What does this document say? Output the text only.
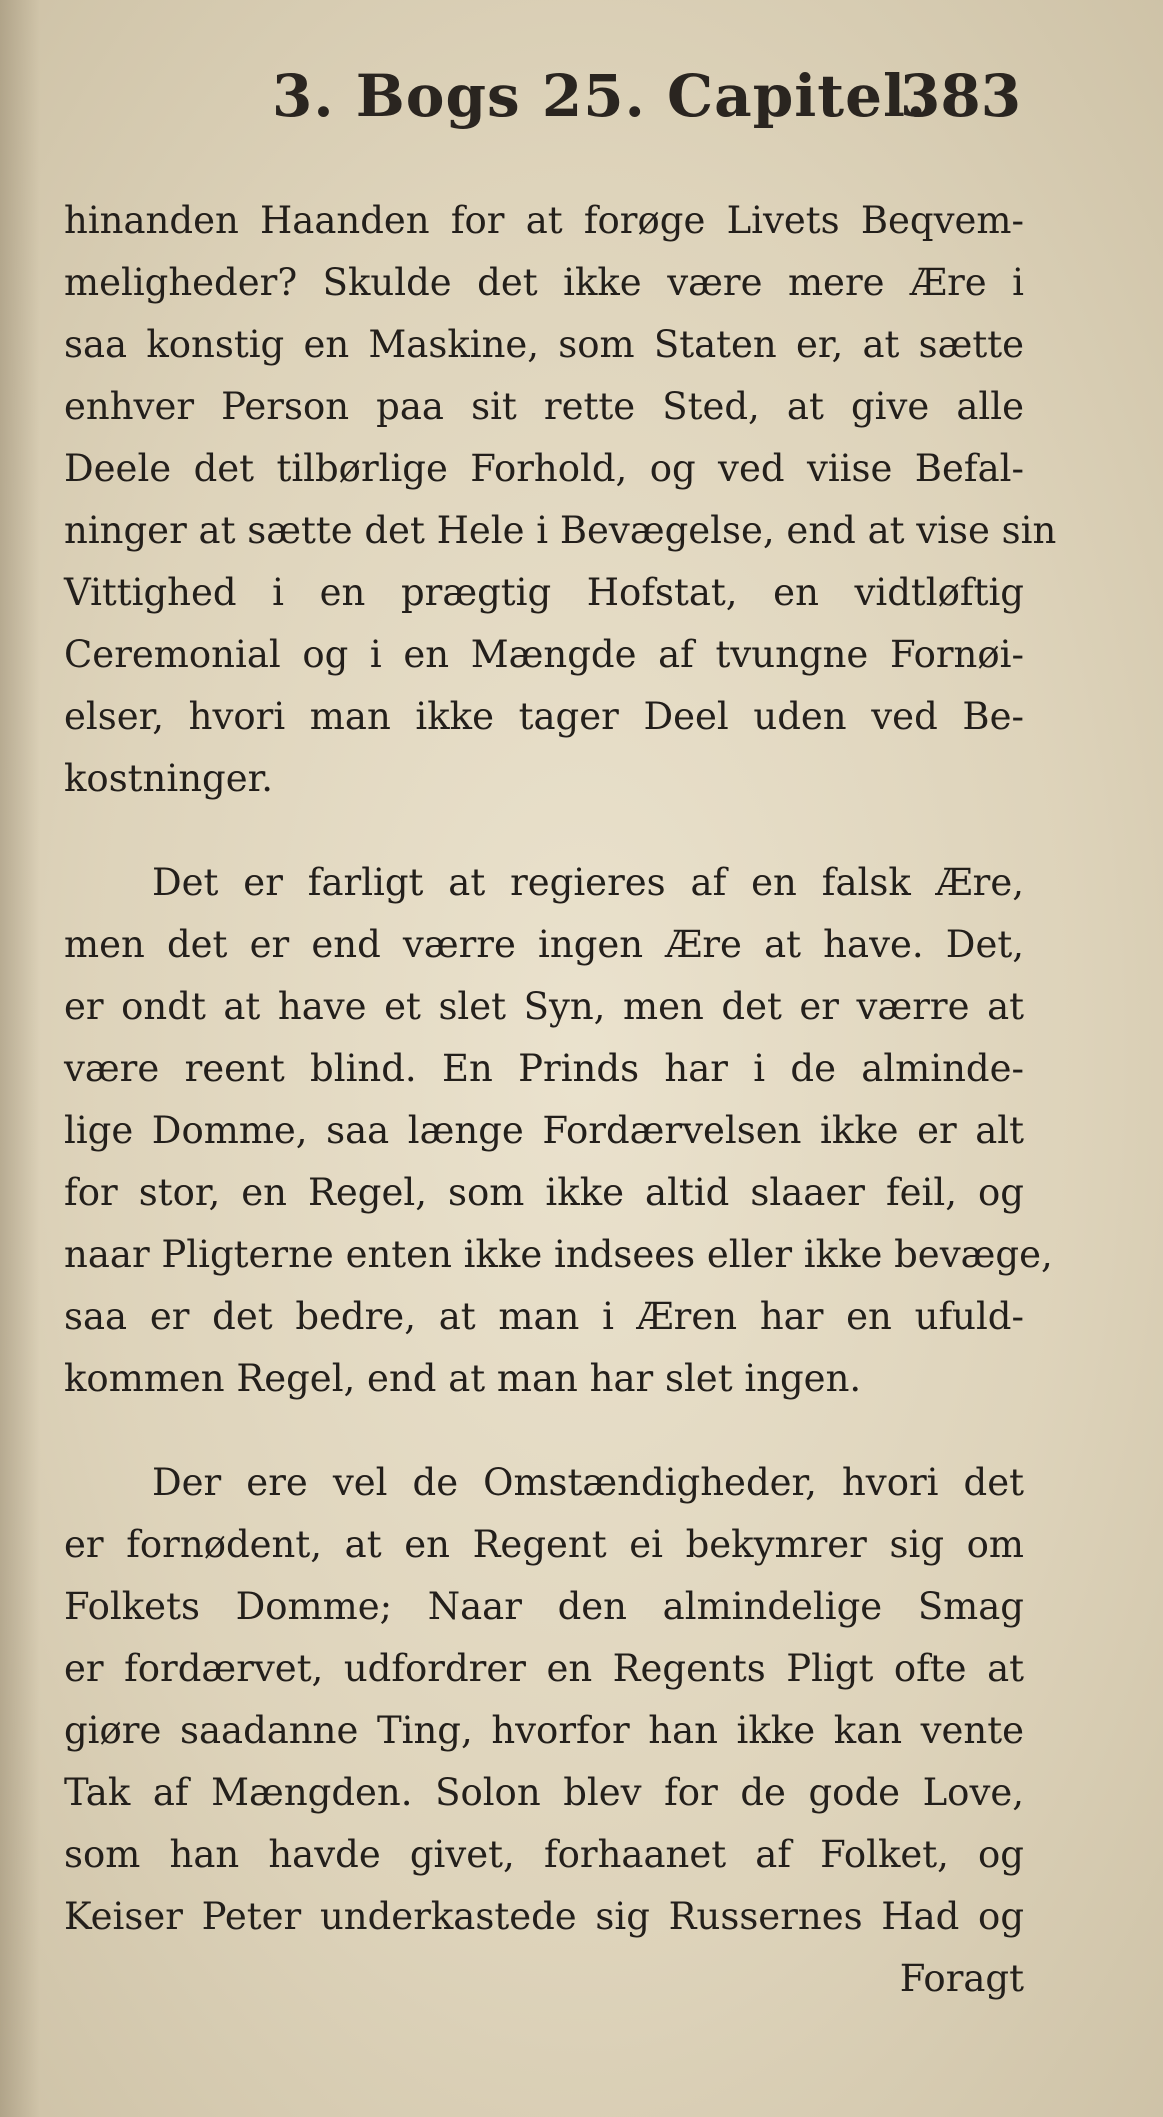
3. Bogs 25. Capitel.
383
hinanden Haanden for at forøge Livets Beqvem-
meligheder? Skulde det ikke være mere Ære i
saa konstig en Maskine, som Staten er, at sætte
enhver Person paa sit rette Sted, at give alle
Deele det tilbørlige Forhold, og ved viise Befal-
ninger at sætte det Hele i Bevægelse, end at vise sin
Vittighed i en prægtig Hofstat, en vidtløftig
Ceremonial og i en Mængde af tvungne Fornøi-
elser, hvori man ikke tager Deel uden ved Be-
kostninger.
Det er farligt at regieres af en falsk Ære,
men det er end værre ingen Ære at have. Det,
er ondt at have et slet Syn, men det er værre at
være reent blind. En Prinds har i de alminde-
lige Domme, saa længe Fordærvelsen ikke er alt
for stor, en Regel, som ikke altid slaaer feil, og
naar Pligterne enten ikke indsees eller ikke bevæge,
saa er det bedre, at man i Æren har en ufuld-
kommen Regel, end at man har slet ingen.
Der ere vel de Omstændigheder, hvori det
er fornødent, at en Regent ei bekymrer sig om
Folkets Domme; Naar den almindelige Smag
er fordærvet, udfordrer en Regents Pligt ofte at
giøre saadanne Ting, hvorfor han ikke kan vente
Tak af Mængden. Solon blev for de gode Love,
som han havde givet, forhaanet af Folket, og
Keiser Peter underkastede sig Russernes Had og
Foragt
